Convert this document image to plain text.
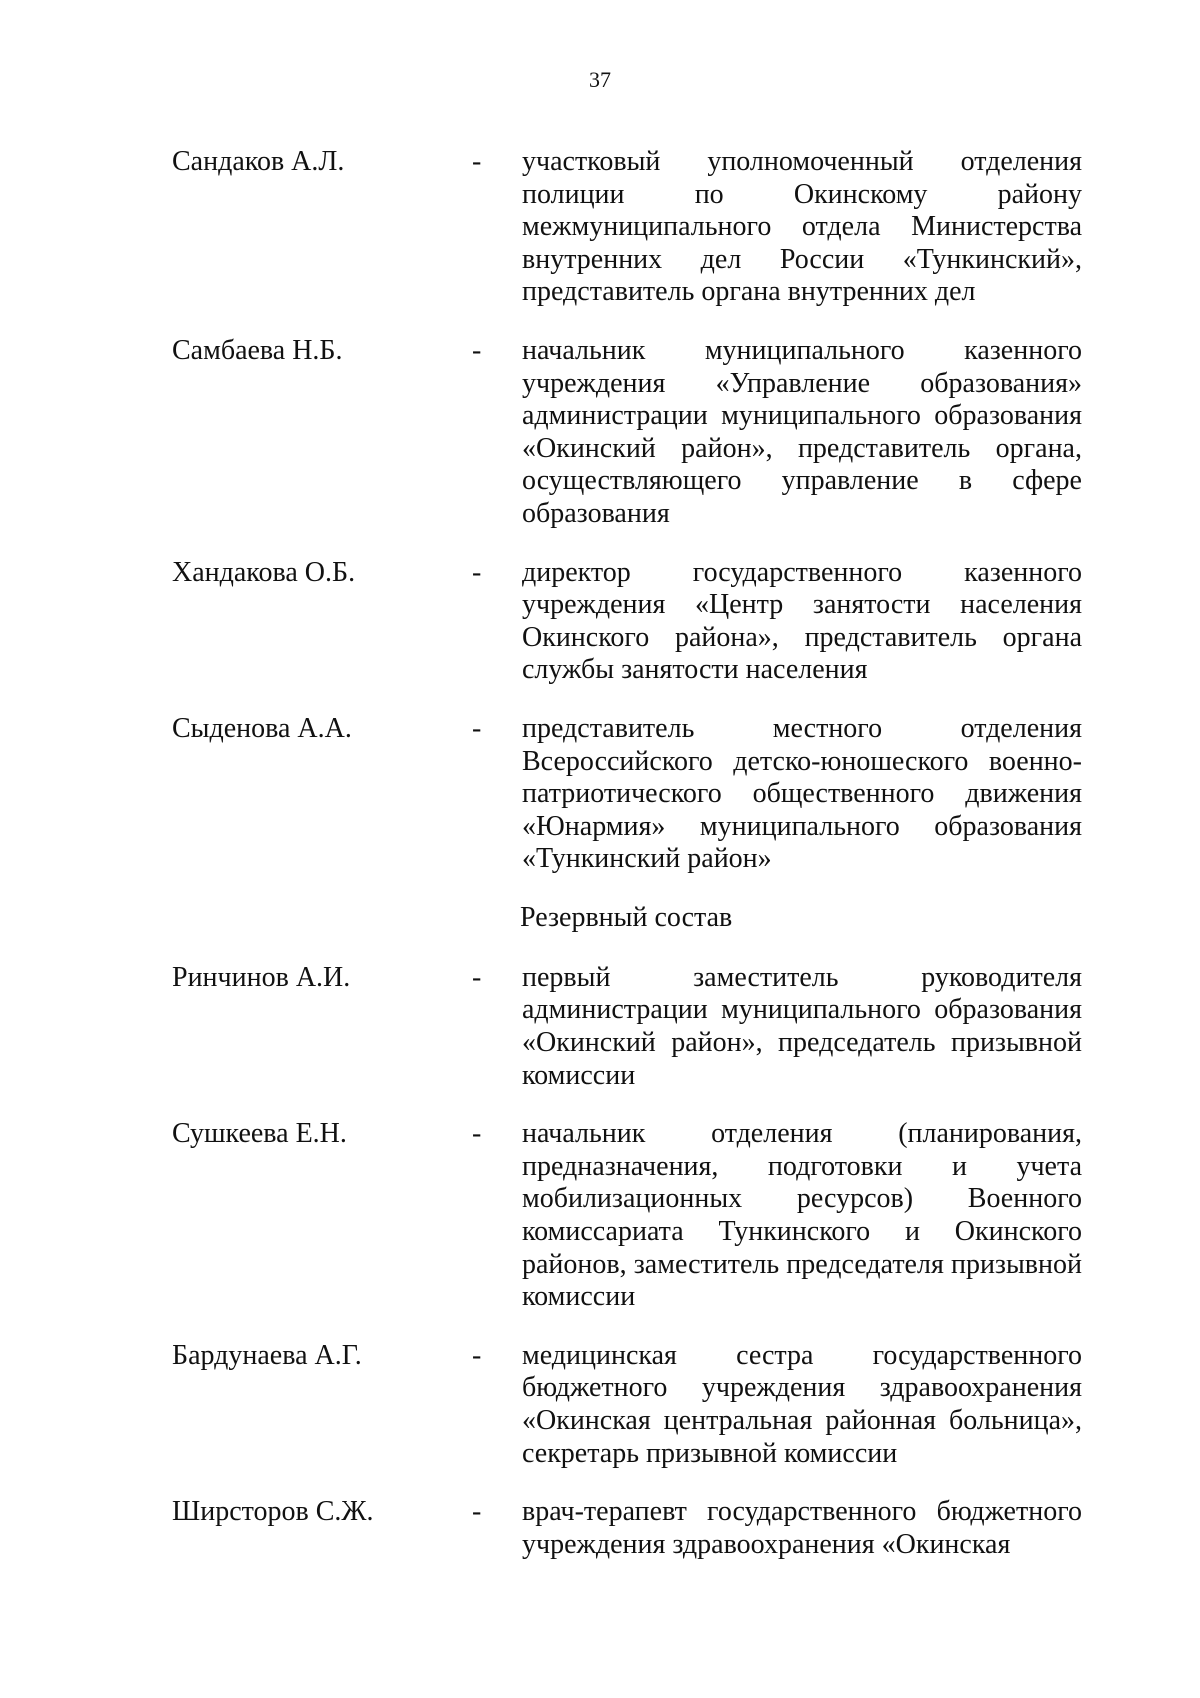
37
Сандаков А.Л.	- участковый уполномоченный отделения полиции по Окинскому району межмуниципального отдела Министерства внутренних дел России «Тункинский», представитель органа внутренних дел
Самбаева Н.Б.	- начальник муниципального казенного учреждения «Управление образования» администрации муниципального образования «Окинский район», представитель органа, осуществляющего управление в сфере образования
Хандакова О.Б.	- директор государственного казенного учреждения «Центр занятости населения Окинского района», представитель органа службы занятости населения
Сыденова А.А.	- представитель местного отделения Всероссийского детско-юношеского военно-патриотического общественного движения «Юнармия» муниципального образования «Тункинский район»
Резервный состав
Ринчинов А.И.	- первый заместитель руководителя администрации муниципального образования «Окинский район», председатель призывной комиссии
Сушкеева Е.Н.	- начальник отделения (планирования, предназначения, подготовки и учета мобилизационных ресурсов) Военного комиссариата Тункинского и Окинского районов, заместитель председателя призывной комиссии
Бардунаева А.Г.	- медицинская сестра государственного бюджетного учреждения здравоохранения «Окинская центральная районная больница», секретарь призывной комиссии
Ширсторов С.Ж.	- врач-терапевт государственного бюджетного учреждения здравоохранения «Окинская
